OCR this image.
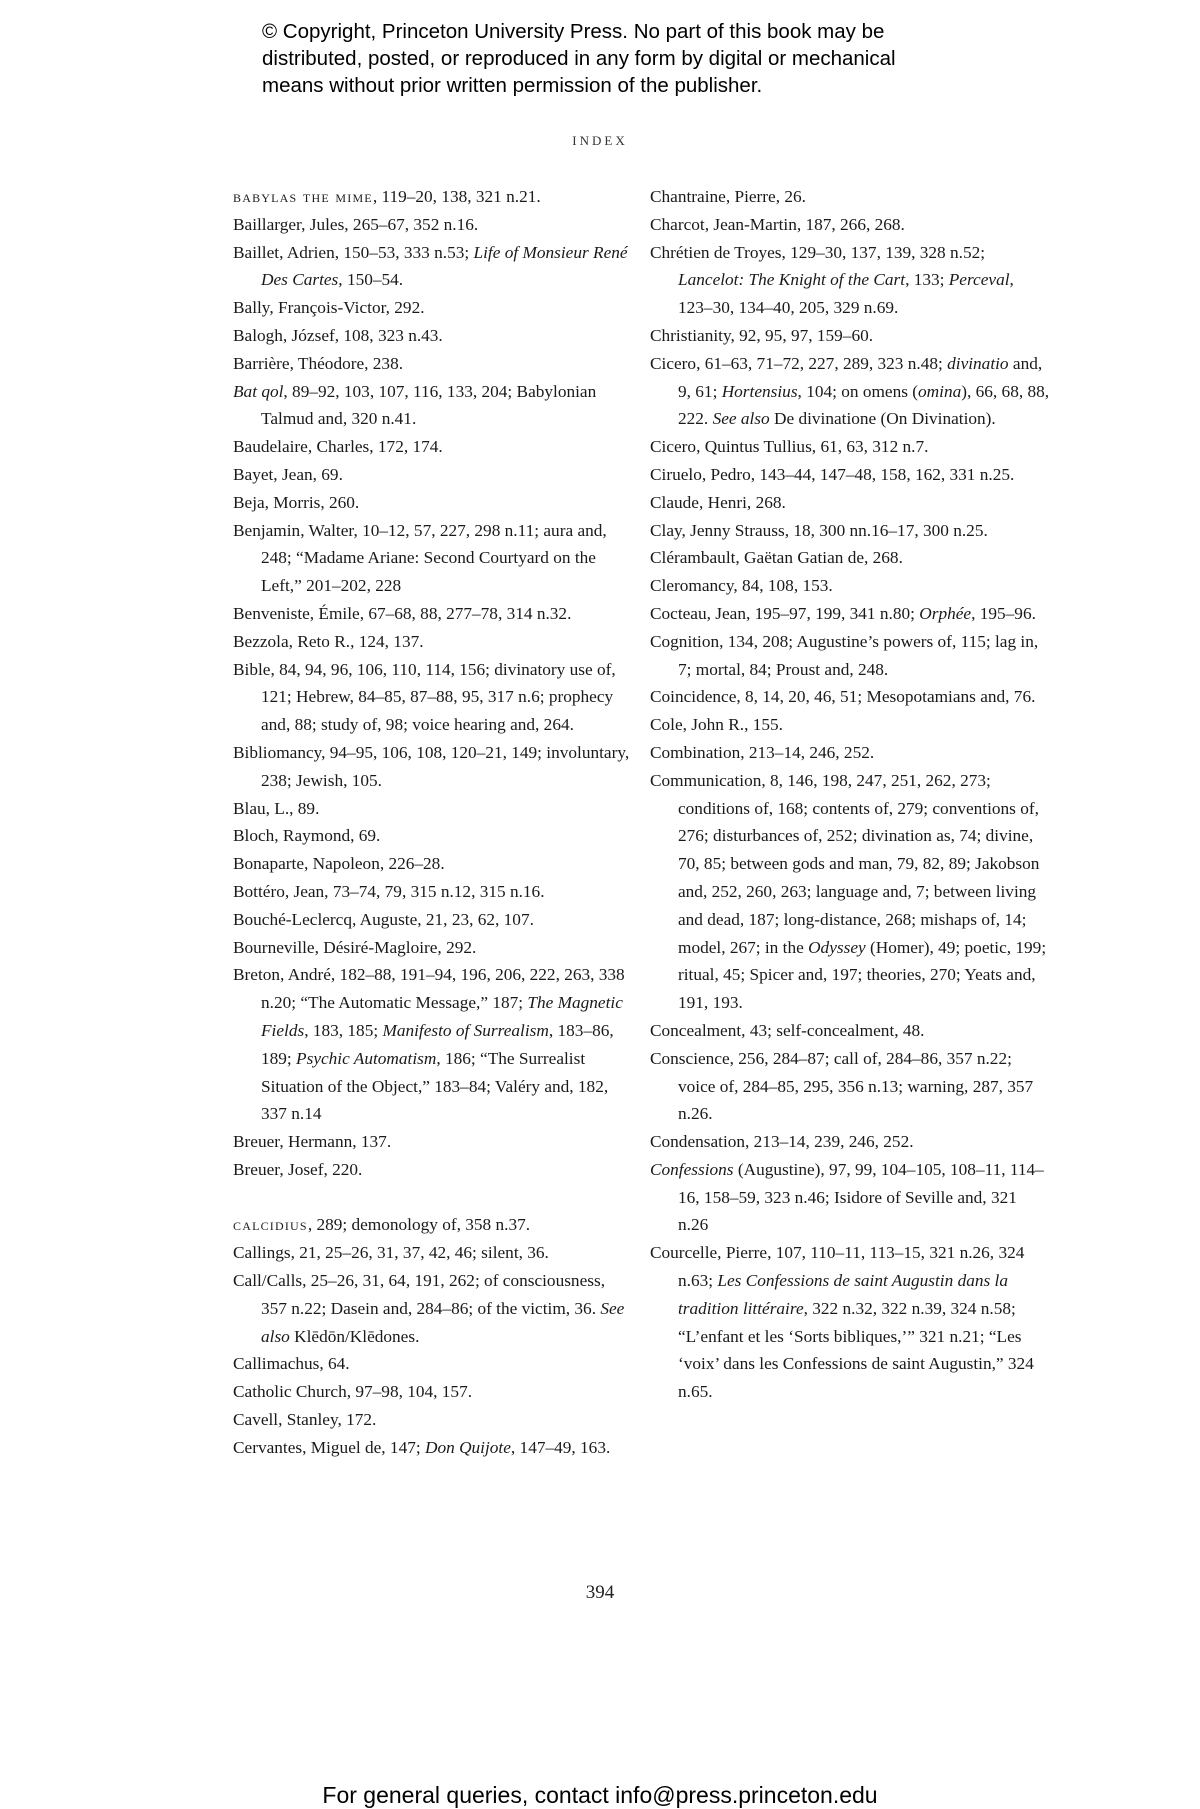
© Copyright, Princeton University Press. No part of this book may be
distributed, posted, or reproduced in any form by digital or mechanical
means without prior written permission of the publisher.
INDEX
babylas the mime, 119–20, 138, 321 n.21.
Baillarger, Jules, 265–67, 352 n.16.
Baillet, Adrien, 150–53, 333 n.53; Life of Monsieur René Des Cartes, 150–54.
Bally, François-Victor, 292.
Balogh, József, 108, 323 n.43.
Barrière, Théodore, 238.
Bat qol, 89–92, 103, 107, 116, 133, 204; Babylonian Talmud and, 320 n.41.
Baudelaire, Charles, 172, 174.
Bayet, Jean, 69.
Beja, Morris, 260.
Benjamin, Walter, 10–12, 57, 227, 298 n.11; aura and, 248; “Madame Ariane: Second Courtyard on the Left,” 201–202, 228
Benveniste, Émile, 67–68, 88, 277–78, 314 n.32.
Bezzola, Reto R., 124, 137.
Bible, 84, 94, 96, 106, 110, 114, 156; divinatory use of, 121; Hebrew, 84–85, 87–88, 95, 317 n.6; prophecy and, 88; study of, 98; voice hearing and, 264.
Bibliomancy, 94–95, 106, 108, 120–21, 149; involuntary, 238; Jewish, 105.
Blau, L., 89.
Bloch, Raymond, 69.
Bonaparte, Napoleon, 226–28.
Bottéro, Jean, 73–74, 79, 315 n.12, 315 n.16.
Bouché-Leclercq, Auguste, 21, 23, 62, 107.
Bourneville, Désiré-Magloire, 292.
Breton, André, 182–88, 191–94, 196, 206, 222, 263, 338 n.20; “The Automatic Message,” 187; The Magnetic Fields, 183, 185; Manifesto of Surrealism, 183–86, 189; Psychic Automatism, 186; “The Surrealist Situation of the Object,” 183–84; Valéry and, 182, 337 n.14
Breuer, Hermann, 137.
Breuer, Josef, 220.
calcidius, 289; demonology of, 358 n.37.
Callings, 21, 25–26, 31, 37, 42, 46; silent, 36.
Call/Calls, 25–26, 31, 64, 191, 262; of consciousness, 357 n.22; Dasein and, 284–86; of the victim, 36. See also Klēdōn/Klēdones.
Callimachus, 64.
Catholic Church, 97–98, 104, 157.
Cavell, Stanley, 172.
Cervantes, Miguel de, 147; Don Quijote, 147–49, 163.
Chantraine, Pierre, 26.
Charcot, Jean-Martin, 187, 266, 268.
Chrétien de Troyes, 129–30, 137, 139, 328 n.52; Lancelot: The Knight of the Cart, 133; Perceval, 123–30, 134–40, 205, 329 n.69.
Christianity, 92, 95, 97, 159–60.
Cicero, 61–63, 71–72, 227, 289, 323 n.48; divinatio and, 9, 61; Hortensius, 104; on omens (omina), 66, 68, 88, 222. See also De divinatione (On Divination).
Cicero, Quintus Tullius, 61, 63, 312 n.7.
Ciruelo, Pedro, 143–44, 147–48, 158, 162, 331 n.25.
Claude, Henri, 268.
Clay, Jenny Strauss, 18, 300 nn.16–17, 300 n.25.
Clérambault, Gaëtan Gatian de, 268.
Cleromancy, 84, 108, 153.
Cocteau, Jean, 195–97, 199, 341 n.80; Orphée, 195–96.
Cognition, 134, 208; Augustine’s powers of, 115; lag in, 7; mortal, 84; Proust and, 248.
Coincidence, 8, 14, 20, 46, 51; Mesopotamians and, 76.
Cole, John R., 155.
Combination, 213–14, 246, 252.
Communication, 8, 146, 198, 247, 251, 262, 273; conditions of, 168; contents of, 279; conventions of, 276; disturbances of, 252; divination as, 74; divine, 70, 85; between gods and man, 79, 82, 89; Jakobson and, 252, 260, 263; language and, 7; between living and dead, 187; long-distance, 268; mishaps of, 14; model, 267; in the Odyssey (Homer), 49; poetic, 199; ritual, 45; Spicer and, 197; theories, 270; Yeats and, 191, 193.
Concealment, 43; self-concealment, 48.
Conscience, 256, 284–87; call of, 284–86, 357 n.22; voice of, 284–85, 295, 356 n.13; warning, 287, 357 n.26.
Condensation, 213–14, 239, 246, 252.
Confessions (Augustine), 97, 99, 104–105, 108–11, 114–16, 158–59, 323 n.46; Isidore of Seville and, 321 n.26
Courcelle, Pierre, 107, 110–11, 113–15, 321 n.26, 324 n.63; Les Confessions de saint Augustin dans la tradition littéraire, 322 n.32, 322 n.39, 324 n.58; “L’enfant et les ‘Sorts bibliques,’” 321 n.21; “Les ‘voix’ dans les Confessions de saint Augustin,” 324 n.65.
394
For general queries, contact info@press.princeton.edu
